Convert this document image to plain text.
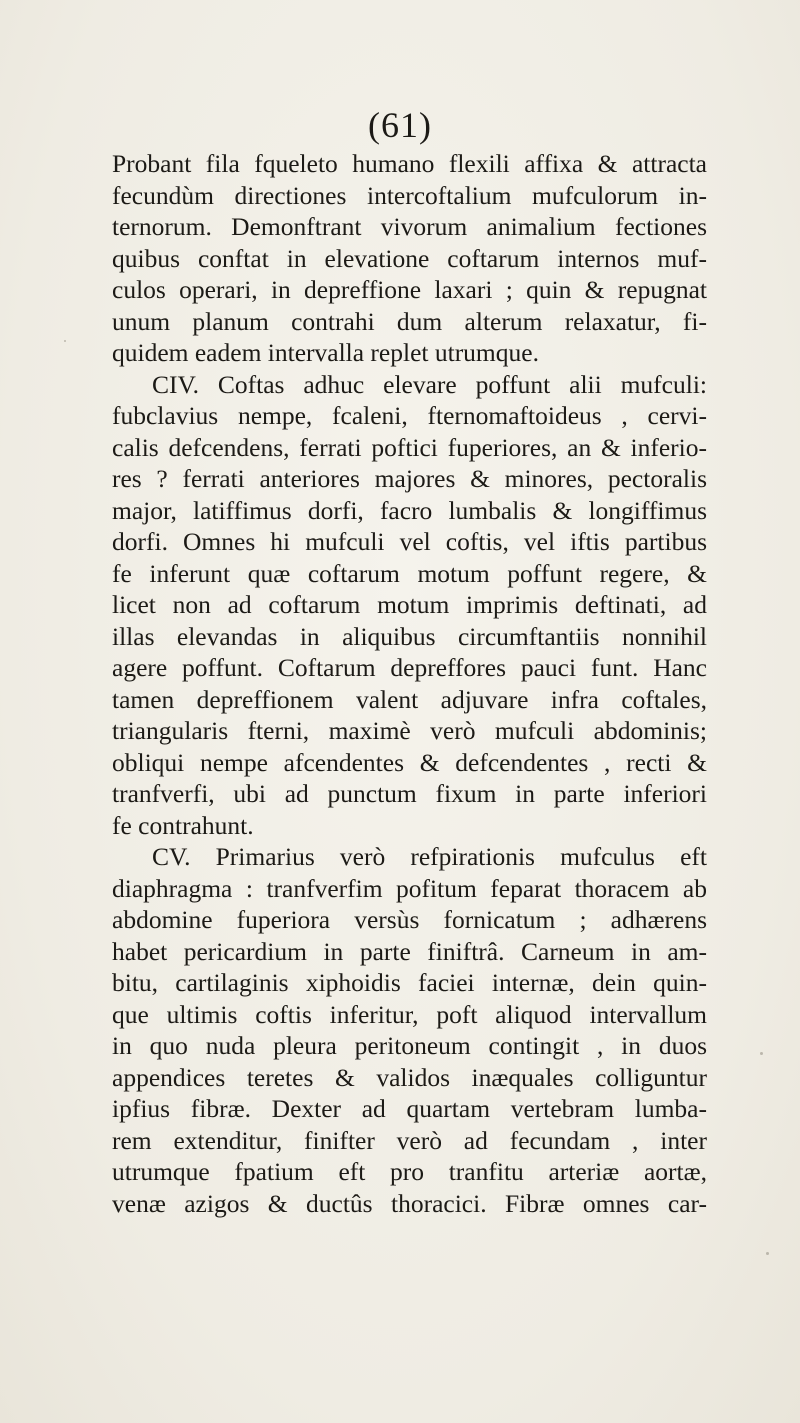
(61)
Probant fila fqueleto humano flexili affixa & attracta
fecundùm directiones intercoftalium mufculorum in-
ternorum. Demonftrant vivorum animalium fectiones
quibus conftat in elevatione coftarum internos muf-
culos operari, in depreffione laxari ; quin & repugnat
unum planum contrahi dum alterum relaxatur, fi-
quidem eadem intervalla replet utrumque.
CIV. Coftas adhuc elevare poffunt alii mufculi:
fubclavius nempe, fcaleni, fternomaftoideus , cervi-
calis defcendens, ferrati poftici fuperiores, an & inferio-
res ? ferrati anteriores majores & minores, pectoralis
major, latiffimus dorfi, facro lumbalis & longiffimus
dorfi. Omnes hi mufculi vel coftis, vel iftis partibus
fe inferunt quæ coftarum motum poffunt regere, &
licet non ad coftarum motum imprimis deftinati, ad
illas elevandas in aliquibus circumftantiis nonnihil
agere poffunt. Coftarum depreffores pauci funt. Hanc
tamen depreffionem valent adjuvare infra coftales,
triangularis fterni, maximè verò mufculi abdominis;
obliqui nempe afcendentes & defcendentes , recti &
tranfverfi, ubi ad punctum fixum in parte inferiori
fe contrahunt.
CV. Primarius verò refpirationis mufculus eft
diaphragma : tranfverfim pofitum feparat thoracem ab
abdomine fuperiora versùs fornicatum ; adhærens
habet pericardium in parte finiftrâ. Carneum in am-
bitu, cartilaginis xiphoidis faciei internæ, dein quin-
que ultimis coftis inferitur, poft aliquod intervallum
in quo nuda pleura peritoneum contingit , in duos
appendices teretes & validos inæquales colliguntur
ipfius fibræ. Dexter ad quartam vertebram lumba-
rem extenditur, finifter verò ad fecundam , inter
utrumque fpatium eft pro tranfitu arteriæ aortæ,
venæ azigos & ductûs thoracici. Fibræ omnes car-
